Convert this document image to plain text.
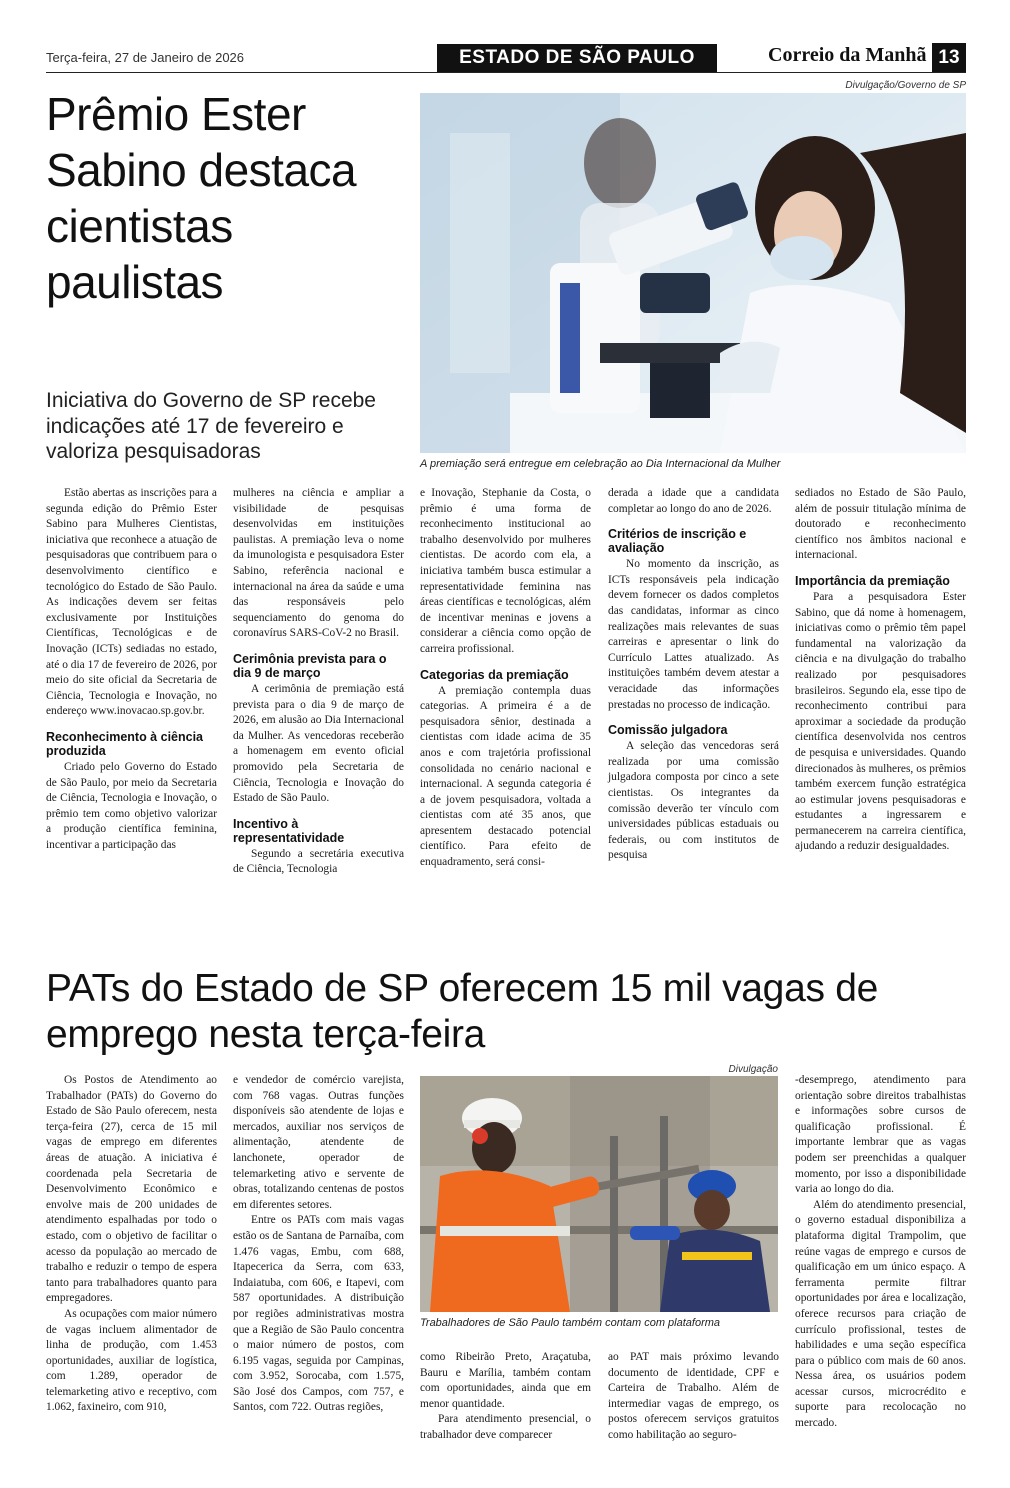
Terça-feira, 27 de Janeiro de 2026	ESTADO DE SÃO PAULO	Correio da Manhã 13
Prêmio Ester Sabino destaca cientistas paulistas
Iniciativa do Governo de SP recebe indicações até 17 de fevereiro e valoriza pesquisadoras
Divulgação/Governo de SP
A premiação será entregue em celebração ao Dia Internacional da Mulher

Estão abertas as inscrições para a segunda edição do Prêmio Ester Sabino para Mulheres Cientistas, iniciativa que reconhece a atuação de pesquisadoras que contribuem para o desenvolvimento científico e tecnológico do Estado de São Paulo. As indicações devem ser feitas exclusivamente por Instituições Científicas, Tecnológicas e de Inovação (ICTs) sediadas no estado, até o dia 17 de fevereiro de 2026, por meio do site oficial da Secretaria de Ciência, Tecnologia e Inovação, no endereço www.inovacao.sp.gov.br.

Reconhecimento à ciência produzida

Criado pelo Governo do Estado de São Paulo, por meio da Secretaria de Ciência, Tecnologia e Inovação, o prêmio tem como objetivo valorizar a produção científica feminina, incentivar a participação das

mulheres na ciência e ampliar a visibilidade de pesquisas desenvolvidas em instituições paulistas. A premiação leva o nome da imunologista e pesquisadora Ester Sabino, referência nacional e internacional na área da saúde e uma das responsáveis pelo sequenciamento do genoma do coronavírus SARS-CoV-2 no Brasil.

Cerimônia prevista para o dia 9 de março

A cerimônia de premiação está prevista para o dia 9 de março de 2026, em alusão ao Dia Internacional da Mulher. As vencedoras receberão a homenagem em evento oficial promovido pela Secretaria de Ciência, Tecnologia e Inovação do Estado de São Paulo.

Incentivo à representatividade

Segundo a secretária executiva de Ciência, Tecnologia

e Inovação, Stephanie da Costa, o prêmio é uma forma de reconhecimento institucional ao trabalho desenvolvido por mulheres cientistas. De acordo com ela, a iniciativa também busca estimular a representatividade feminina nas áreas científicas e tecnológicas, além de incentivar meninas e jovens a considerar a ciência como opção de carreira profissional.

Categorias da premiação

A premiação contempla duas categorias. A primeira é a de pesquisadora sênior, destinada a cientistas com idade acima de 35 anos e com trajetória profissional consolidada no cenário nacional e internacional. A segunda categoria é a de jovem pesquisadora, voltada a cientistas com até 35 anos, que apresentem destacado potencial científico. Para efeito de enquadramento, será consi-

derada a idade que a candidata completar ao longo do ano de 2026.

Critérios de inscrição e avaliação

No momento da inscrição, as ICTs responsáveis pela indicação devem fornecer os dados completos das candidatas, informar as cinco realizações mais relevantes de suas carreiras e apresentar o link do Currículo Lattes atualizado. As instituições também devem atestar a veracidade das informações prestadas no processo de indicação.

Comissão julgadora

A seleção das vencedoras será realizada por uma comissão julgadora composta por cinco a sete cientistas. Os integrantes da comissão deverão ter vínculo com universidades públicas estaduais ou federais, ou com institutos de pesquisa

sediados no Estado de São Paulo, além de possuir titulação mínima de doutorado e reconhecimento científico nos âmbitos nacional e internacional.

Importância da premiação

Para a pesquisadora Ester Sabino, que dá nome à homenagem, iniciativas como o prêmio têm papel fundamental na valorização da ciência e na divulgação do trabalho realizado por pesquisadores brasileiros. Segundo ela, esse tipo de reconhecimento contribui para aproximar a sociedade da produção científica desenvolvida nos centros de pesquisa e universidades. Quando direcionados às mulheres, os prêmios também exercem função estratégica ao estimular jovens pesquisadoras e estudantes a ingressarem e permanecerem na carreira científica, ajudando a reduzir desigualdades.

PATs do Estado de SP oferecem 15 mil vagas de emprego nesta terça-feira
Divulgação
Trabalhadores de São Paulo também contam com plataforma

Os Postos de Atendimento ao Trabalhador (PATs) do Governo do Estado de São Paulo oferecem, nesta terça-feira (27), cerca de 15 mil vagas de emprego em diferentes áreas de atuação. A iniciativa é coordenada pela Secretaria de Desenvolvimento Econômico e envolve mais de 200 unidades de atendimento espalhadas por todo o estado, com o objetivo de facilitar o acesso da população ao mercado de trabalho e reduzir o tempo de espera tanto para trabalhadores quanto para empregadores.

As ocupações com maior número de vagas incluem alimentador de linha de produção, com 1.453 oportunidades, auxiliar de logística, com 1.289, operador de telemarketing ativo e receptivo, com 1.062, faxineiro, com 910,

e vendedor de comércio varejista, com 768 vagas. Outras funções disponíveis são atendente de lojas e mercados, auxiliar nos serviços de alimentação, atendente de lanchonete, operador de telemarketing ativo e servente de obras, totalizando centenas de postos em diferentes setores.

Entre os PATs com mais vagas estão os de Santana de Parnaíba, com 1.476 vagas, Embu, com 688, Itapecerica da Serra, com 633, Indaiatuba, com 606, e Itapevi, com 587 oportunidades. A distribuição por regiões administrativas mostra que a Região de São Paulo concentra o maior número de postos, com 6.195 vagas, seguida por Campinas, com 3.952, Sorocaba, com 1.575, São José dos Campos, com 757, e Santos, com 722. Outras regiões,

como Ribeirão Preto, Araçatuba, Bauru e Marília, também contam com oportunidades, ainda que em menor quantidade.

Para atendimento presencial, o trabalhador deve comparecer

ao PAT mais próximo levando documento de identidade, CPF e Carteira de Trabalho. Além de intermediar vagas de emprego, os postos oferecem serviços gratuitos como habilitação ao seguro-

-desemprego, atendimento para orientação sobre direitos trabalhistas e informações sobre cursos de qualificação profissional. É importante lembrar que as vagas podem ser preenchidas a qualquer momento, por isso a disponibilidade varia ao longo do dia.

Além do atendimento presencial, o governo estadual disponibiliza a plataforma digital Trampolim, que reúne vagas de emprego e cursos de qualificação em um único espaço. A ferramenta permite filtrar oportunidades por área e localização, oferece recursos para criação de currículo profissional, testes de habilidades e uma seção específica para o público com mais de 60 anos. Nessa área, os usuários podem acessar cursos, microcrédito e suporte para recolocação no mercado.
